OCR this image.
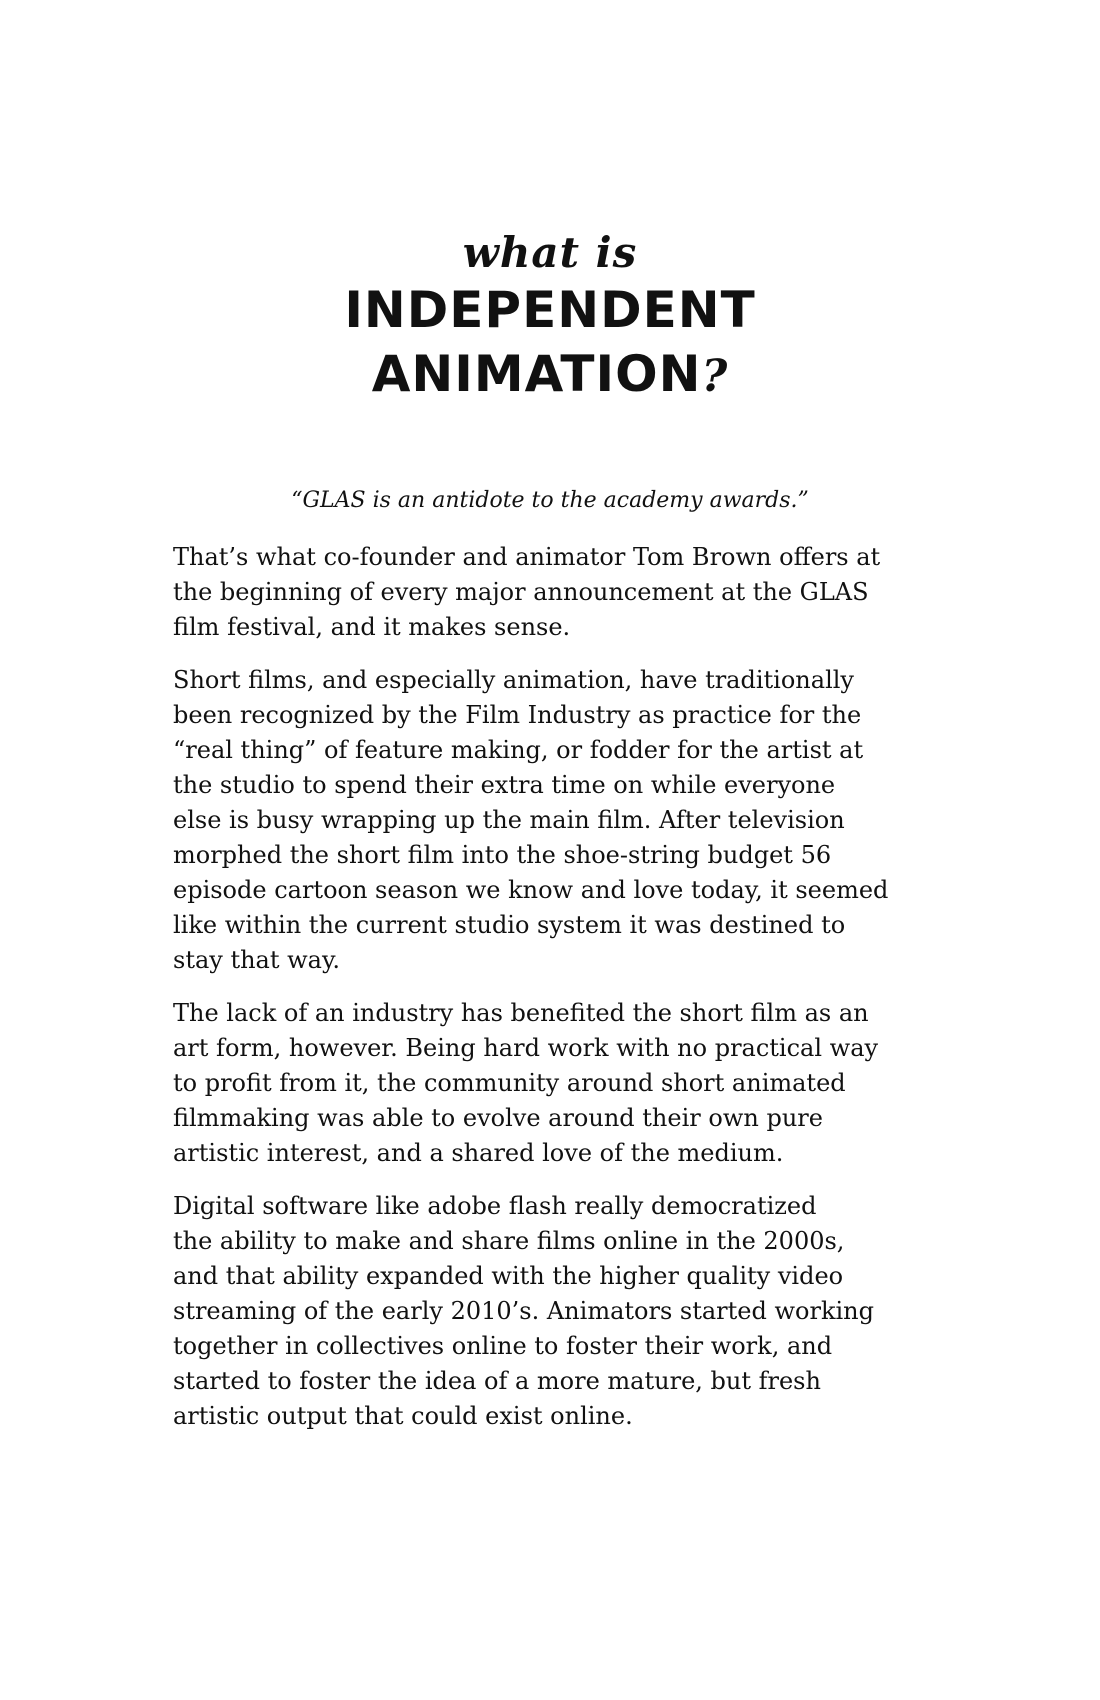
what is
INDEPENDENT
ANIMATION?
“GLAS is an antidote to the academy awards.”

That’s what co-founder and animator Tom Brown offers at
the beginning of every major announcement at the GLAS
film festival, and it makes sense.

Short films, and especially animation, have traditionally
been recognized by the Film Industry as practice for the
“real thing” of feature making, or fodder for the artist at
the studio to spend their extra time on while everyone
else is busy wrapping up the main film. After television
morphed the short film into the shoe-string budget 56
episode cartoon season we know and love today, it seemed
like within the current studio system it was destined to
stay that way.

The lack of an industry has benefited the short film as an
art form, however. Being hard work with no practical way
to profit from it, the community around short animated
filmmaking was able to evolve around their own pure
artistic interest, and a shared love of the medium.

Digital software like adobe flash really democratized
the ability to make and share films online in the 2000s,
and that ability expanded with the higher quality video
streaming of the early 2010’s. Animators started working
together in collectives online to foster their work, and
started to foster the idea of a more mature, but fresh
artistic output that could exist online.
